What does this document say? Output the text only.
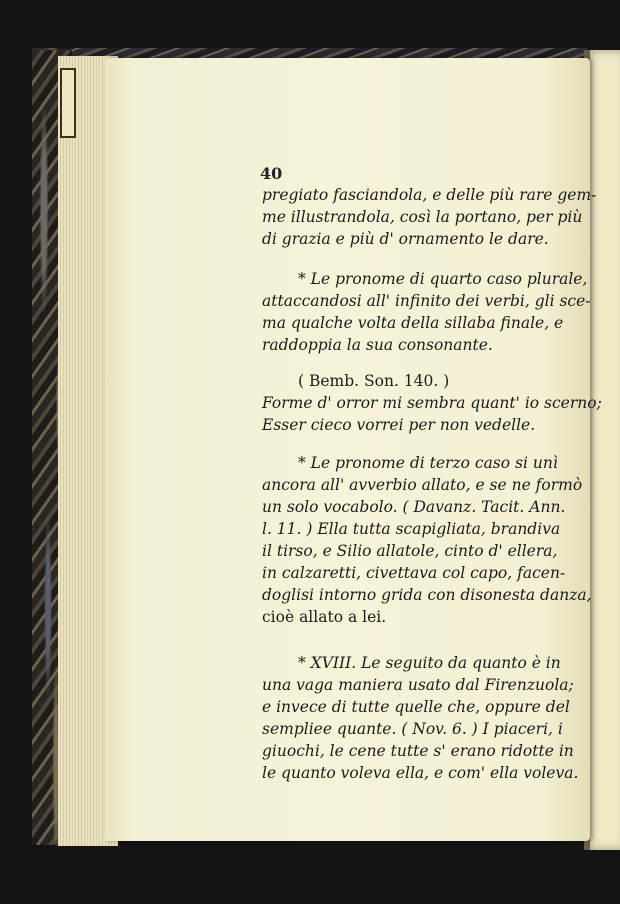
40
pregiato fasciandola, e delle più rare gem-
me illustrandola, così la portano, per più
di grazia e più d' ornamento le dare.
* Le pronome di quarto caso plurale,
attaccandosi all' infinito dei verbi, gli sce-
ma qualche volta della sillaba finale, e
raddoppia la sua consonante.
( Bemb. Son. 140. )
Forme d' orror mi sembra quant' io scerno;
Esser cieco vorrei per non vedelle.
* Le pronome di terzo caso si unì
ancora all' avverbio allato, e se ne formò
un solo vocabolo. ( Davanz. Tacit. Ann.
l. 11. ) Ella tutta scapigliata, brandiva
il tirso, e Silio allatole, cinto d' ellera,
in calzaretti, civettava col capo, facen-
doglisi intorno grida con disonesta danza,
cioè allato a lei.
* XVIII. Le seguito da quanto è in
una vaga maniera usato dal Firenzuola;
e invece di tutte quelle che, oppure del
sempliee quante. ( Nov. 6. ) I piaceri, i
giuochi, le cene tutte s' erano ridotte in
le quanto voleva ella, e com' ella voleva.
